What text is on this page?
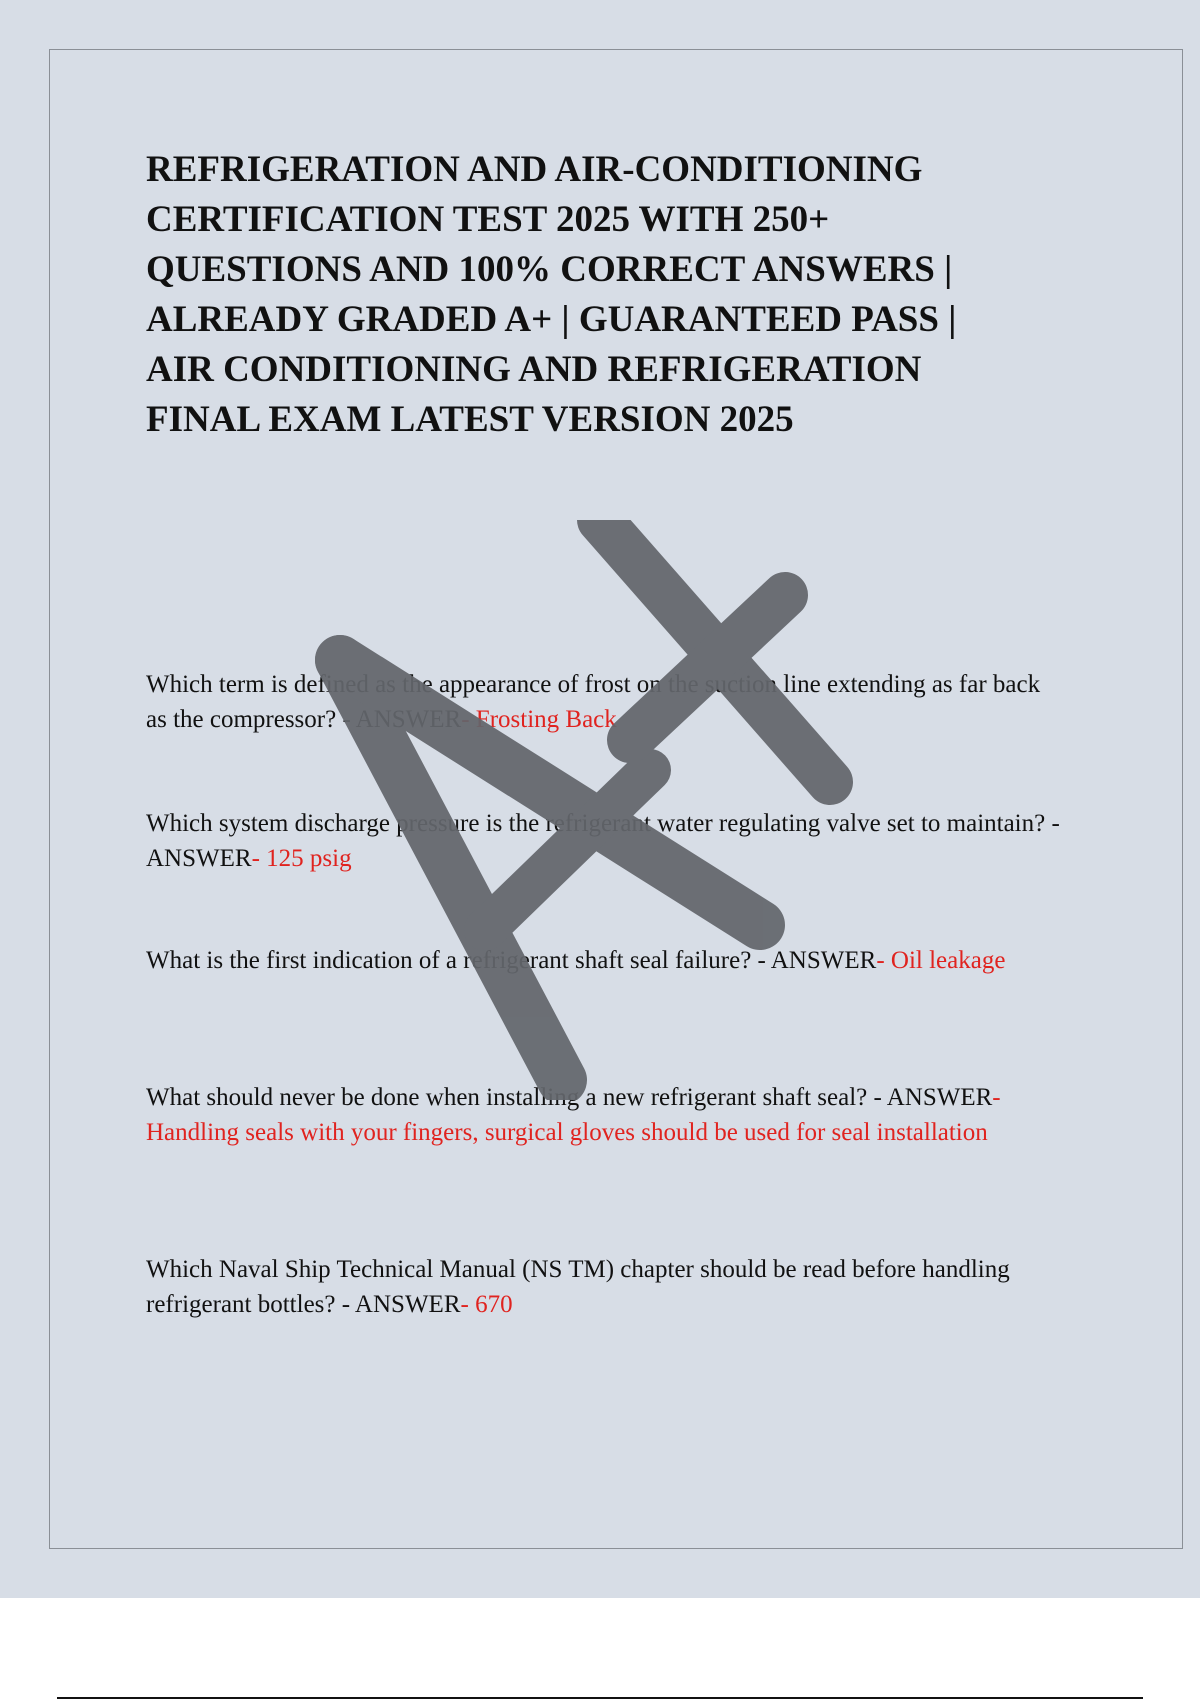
REFRIGERATION AND AIR-CONDITIONING
CERTIFICATION TEST 2025 WITH 250+
QUESTIONS AND 100% CORRECT ANSWERS |
ALREADY GRADED A+ | GUARANTEED PASS |
AIR CONDITIONING AND REFRIGERATION
FINAL EXAM LATEST VERSION 2025

Which term is defined as the appearance of frost on the suction line extending as far back as the compressor? - ANSWER- Frosting Back

Which system discharge pressure is the refrigerant water regulating valve set to maintain? - ANSWER- 125 psig

What is the first indication of a refrigerant shaft seal failure? - ANSWER- Oil leakage

What should never be done when installing a new refrigerant shaft seal? - ANSWER- Handling seals with your fingers, surgical gloves should be used for seal installation

Which Naval Ship Technical Manual (NS TM) chapter should be read before handling refrigerant bottles? - ANSWER- 670
